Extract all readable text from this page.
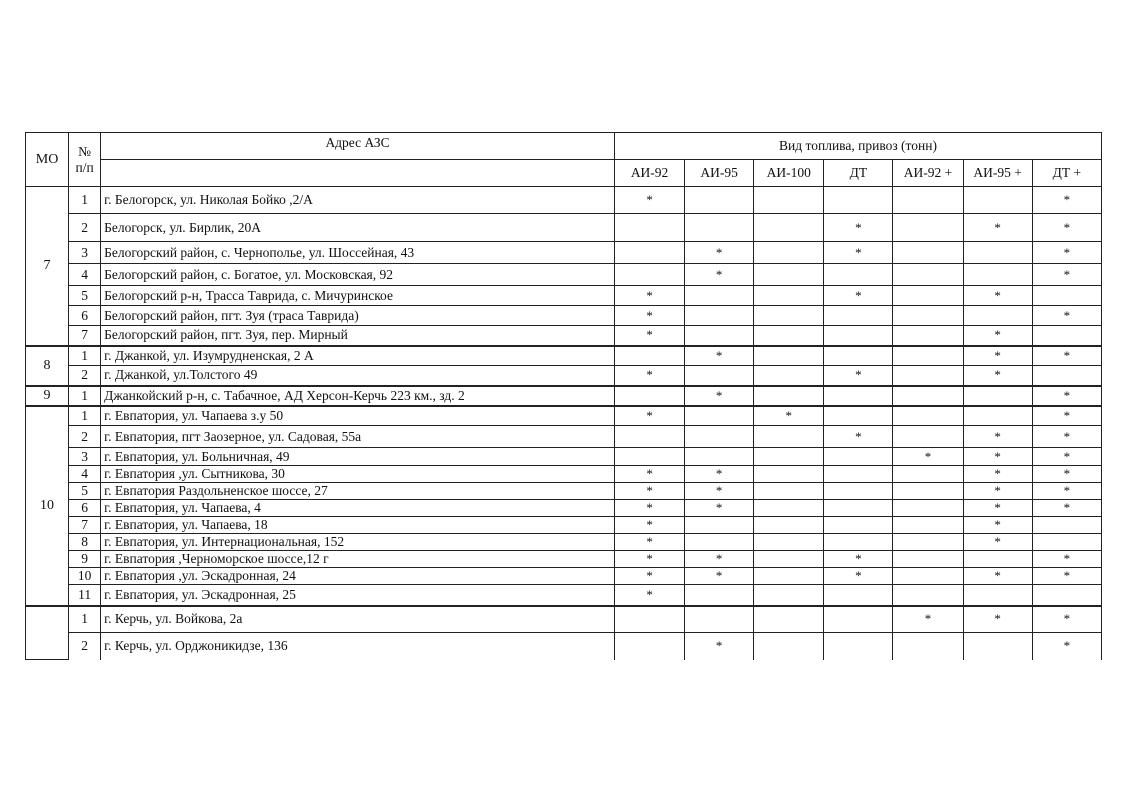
МО	№
п/п	Адрес АЗС	Вид топлива, привоз (тонн)						
			АИ-92	АИ-95	АИ-100	ДТ	АИ-92 +	АИ-95 +	ДТ +
7	1	г. Белогорск, ул. Николая Бойко ,2/А	*						*
	2	Белогорск, ул. Бирлик, 20А				*		*	*
	3	Белогорский район, с. Чернополье, ул. Шоссейная, 43		*		*			*
	4	Белогорский район, с. Богатое, ул. Московская, 92		*					*
	5	Белогорский р-н, Трасса Таврида, с. Мичуринское	*			*		*	
	6	Белогорский район, пгт. Зуя (траса Таврида)	*						*
	7	Белогорский район, пгт. Зуя, пер. Мирный	*					*	
8	1	г. Джанкой, ул. Изумрудненская, 2 А		*				*	*
	2	г. Джанкой, ул.Толстого 49	*			*		*	
9	1	Джанкойский р-н, с. Табачное, АД Херсон-Керчь 223 км., зд. 2		*					*
10	1	г. Евпатория, ул. Чапаева з.у 50	*		*				*
	2	г. Евпатория, пгт Заозерное, ул. Садовая, 55а				*		*	*
	3	г. Евпатория, ул. Больничная, 49					*	*	*
	4	г. Евпатория ,ул. Сытникова, 30	*	*				*	*
	5	г. Евпатория Раздольненское шоссе, 27	*	*				*	*
	6	г. Евпатория, ул. Чапаева, 4	*	*				*	*
	7	г. Евпатория, ул. Чапаева, 18	*					*	
	8	г. Евпатория, ул. Интернациональная, 152	*					*	
	9	г. Евпатория ,Черноморское шоссе,12 г	*	*		*			*
	10	г. Евпатория ,ул. Эскадронная, 24	*	*		*		*	*
	11	г. Евпатория, ул. Эскадронная, 25	*						
	1	г. Керчь, ул. Войкова, 2а					*	*	*
	2	г. Керчь, ул. Орджоникидзе, 136		*					*
